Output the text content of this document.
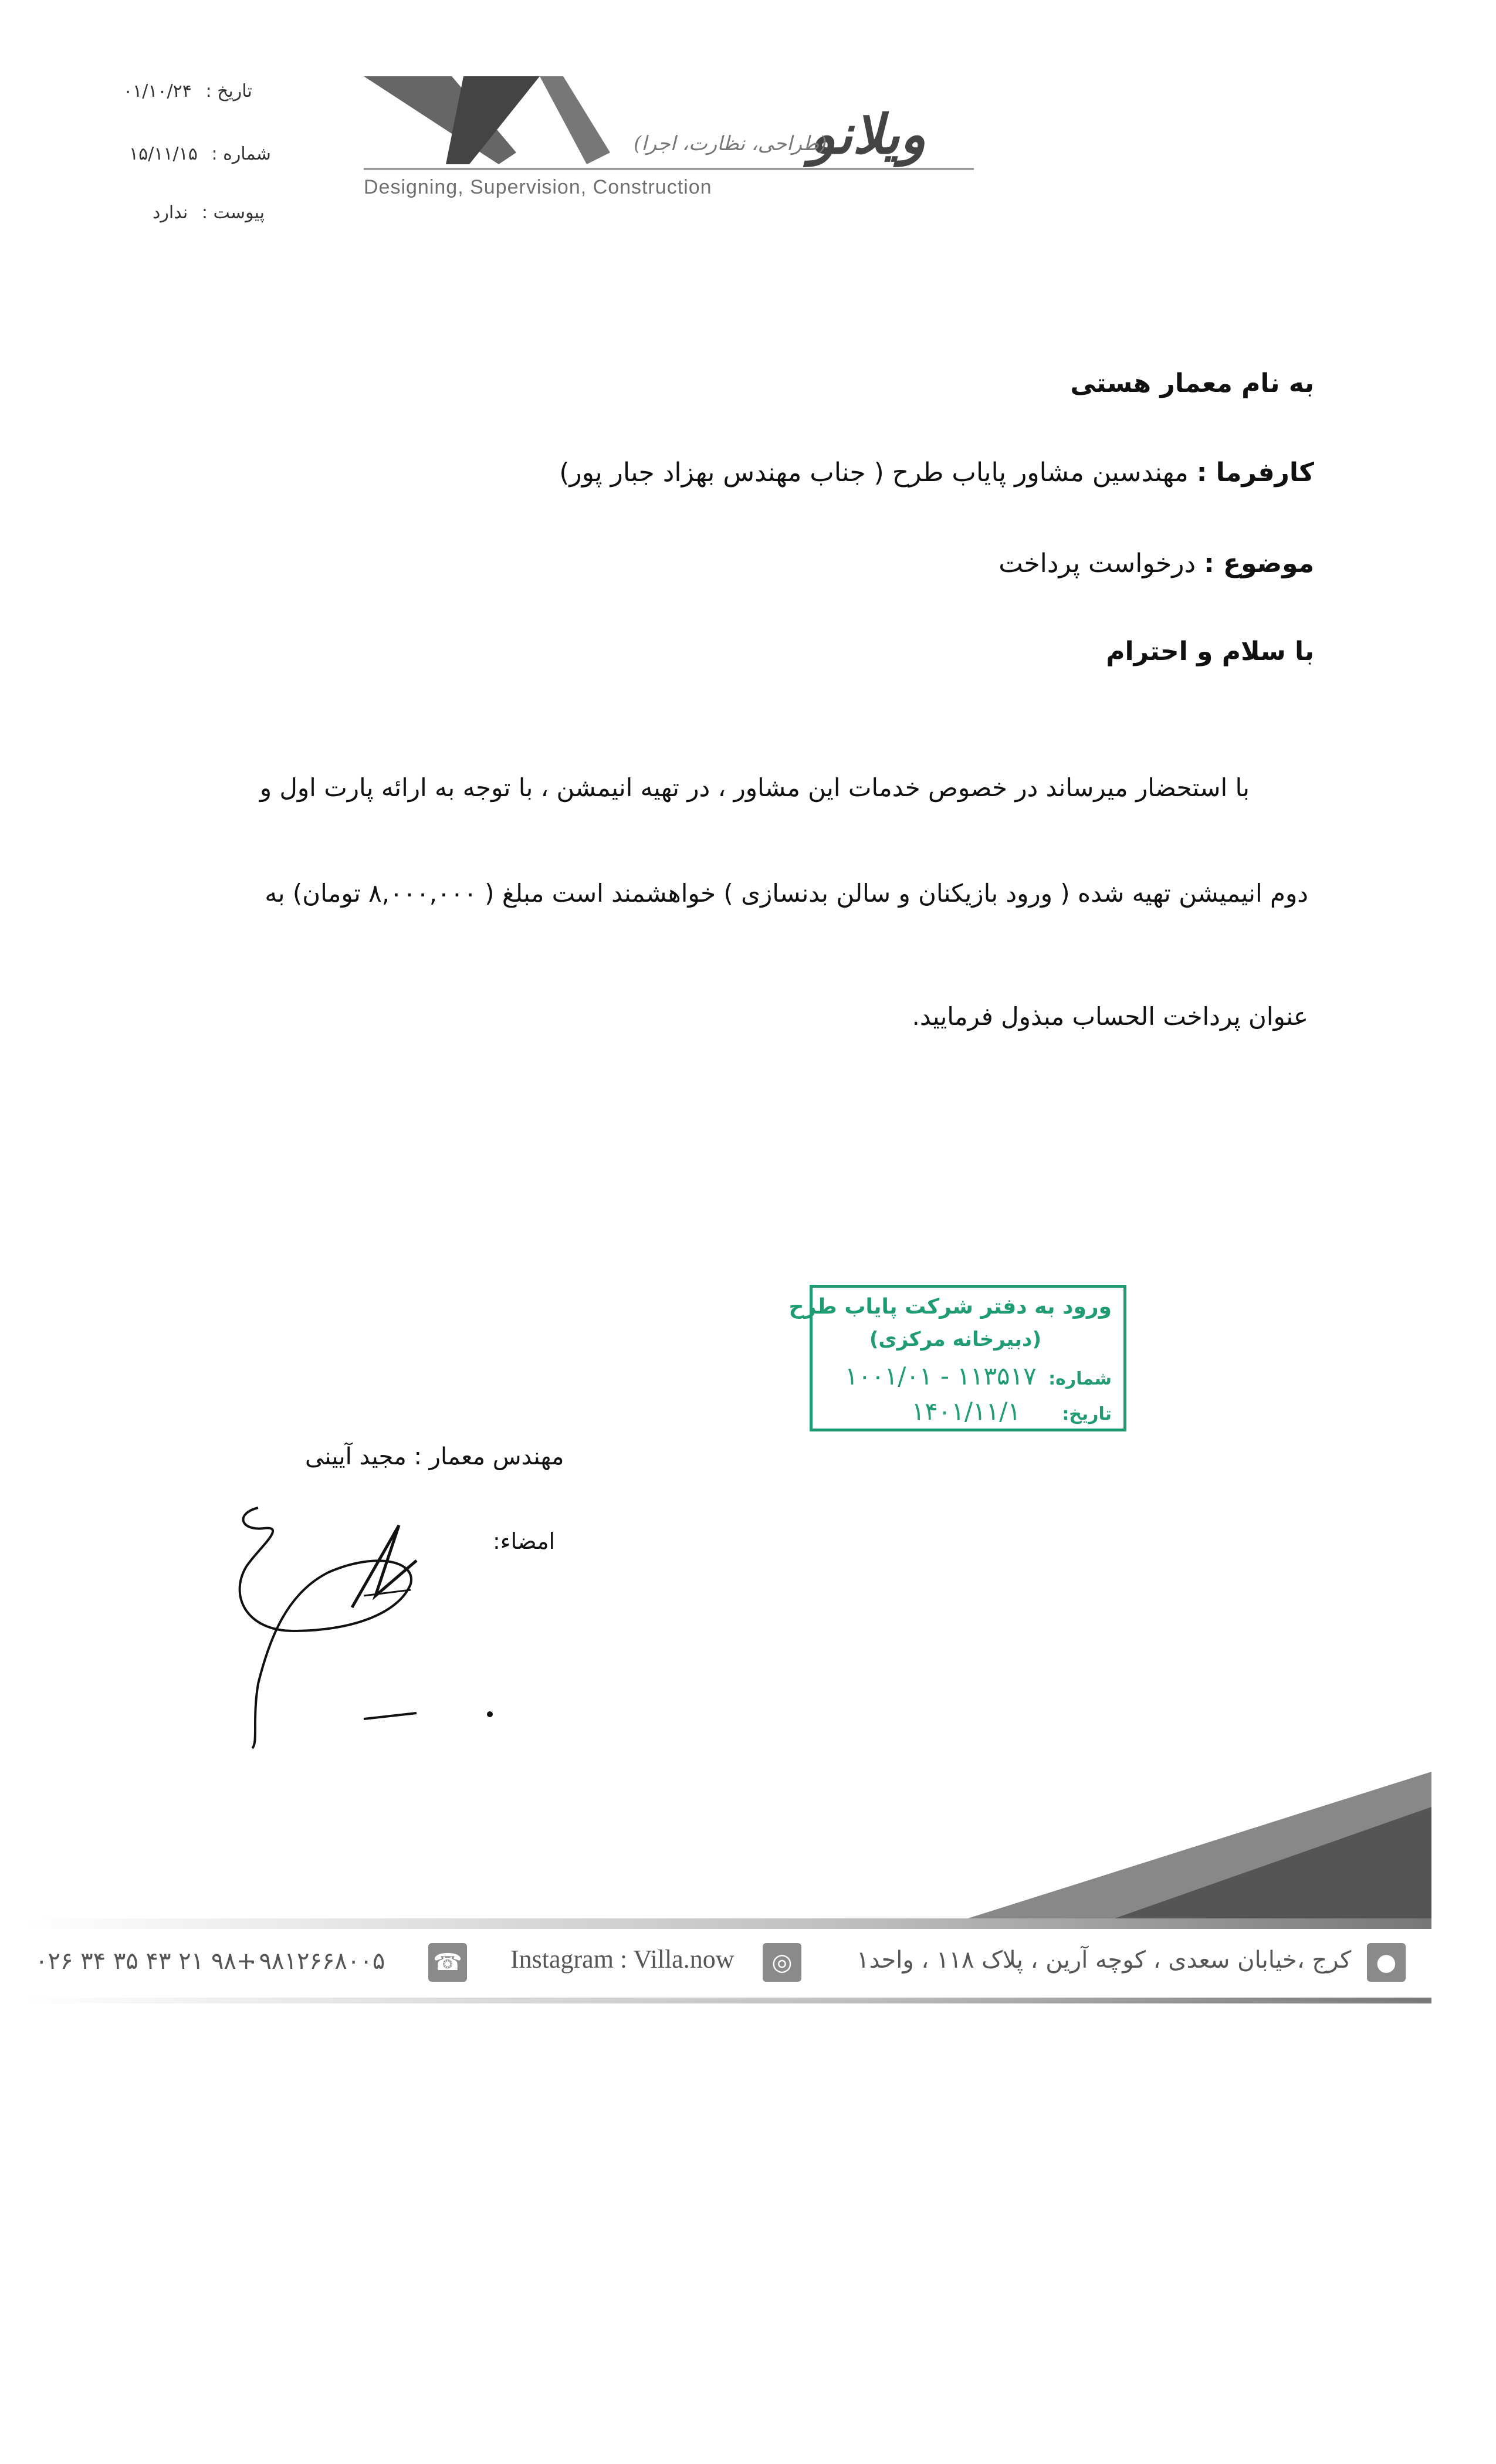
تاریخ : ۰۱/۱۰/۲۴
شماره : ۱۵/۱۱/۱۵
پیوست : ندارد
ویلانو
(طراحی، نظارت، اجرا)
Designing, Supervision, Construction
به نام معمار هستی
کارفرما : مهندسین مشاور پایاب طرح ( جناب مهندس بهزاد جبار پور)
موضوع : درخواست پرداخت
با سلام و احترام
با استحضار میرساند در خصوص خدمات این مشاور ، در تهیه انیمشن ، با توجه به ارائه پارت اول و
دوم انیمیشن تهیه شده ( ورود بازیکنان و سالن بدنسازی ) خواهشمند است مبلغ ( ۸,۰۰۰,۰۰۰ تومان) به
عنوان پرداخت الحساب مبذول فرمایید.
ورود به دفتر شرکت پایاب طرح
(دبیرخانه مرکزی)
شماره: ۱۱۳۵۱۷ - ۱۰۰۱/۰۱
تاریخ: ۱۴۰۱/۱۱/۱
مهندس معمار : مجید آیینی
امضاء:
۰۲۶ ۳۴ ۳۵ ۴۳ ۲۱ ۹۸+
۰۹۸۱۲۶۶۸۰۰۵ ☎ Instagram : Villa.now	◎	کرج ،خیابان سعدی ، کوچه آرین ، پلاک ۱۱۸ ، واحد۱	●
